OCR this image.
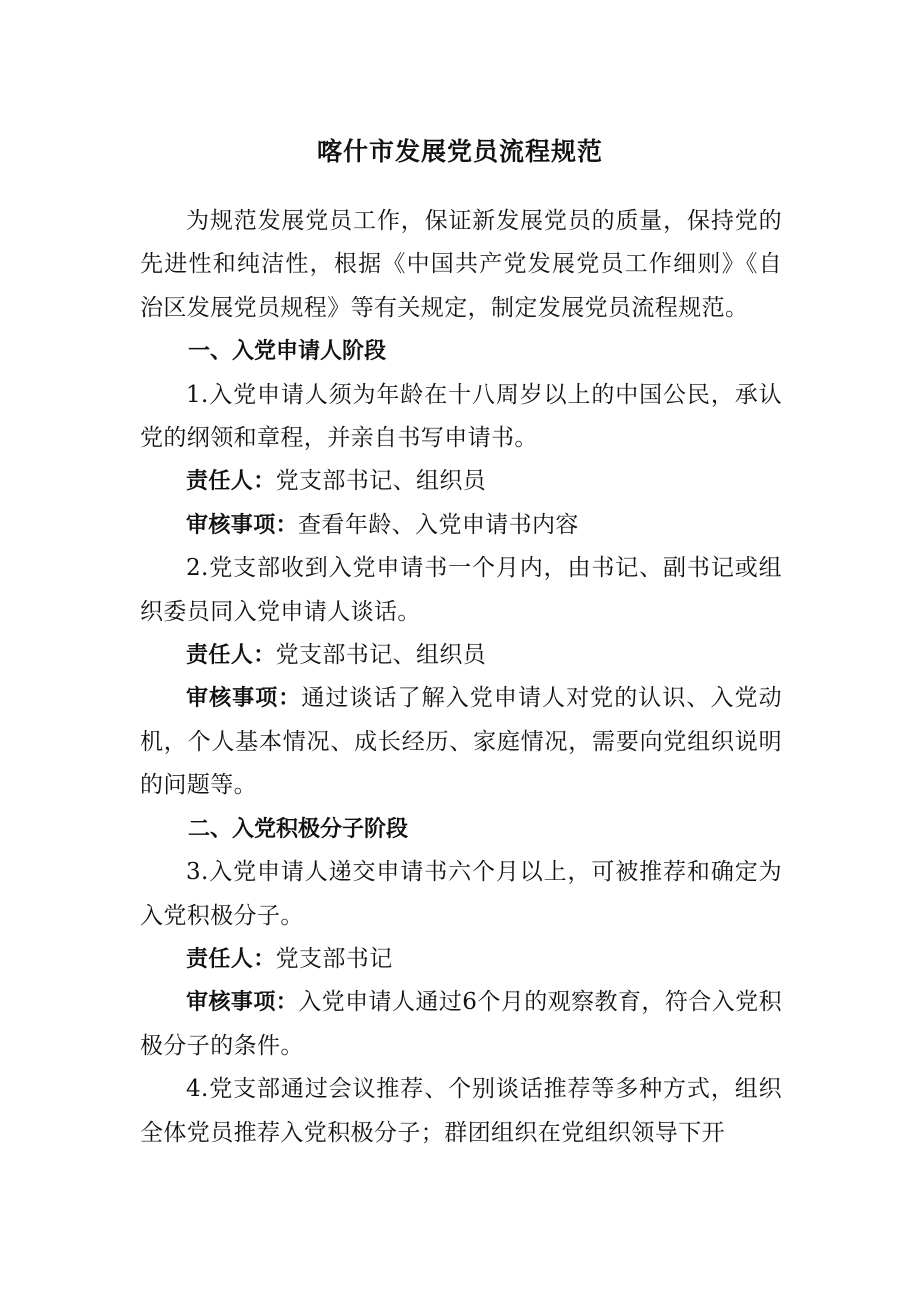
喀什市发展党员流程规范

为规范发展党员工作，保证新发展党员的质量，保持党的先进性和纯洁性，根据《中国共产党发展党员工作细则》《自治区发展党员规程》等有关规定，制定发展党员流程规范。

一、入党申请人阶段

1.入党申请人须为年龄在十八周岁以上的中国公民，承认党的纲领和章程，并亲自书写申请书。

责任人：党支部书记、组织员

审核事项：查看年龄、入党申请书内容

2.党支部收到入党申请书一个月内，由书记、副书记或组织委员同入党申请人谈话。

责任人：党支部书记、组织员

审核事项：通过谈话了解入党申请人对党的认识、入党动机，个人基本情况、成长经历、家庭情况，需要向党组织说明的问题等。

二、入党积极分子阶段

3.入党申请人递交申请书六个月以上，可被推荐和确定为入党积极分子。

责任人：党支部书记

审核事项：入党申请人通过6个月的观察教育，符合入党积极分子的条件。

4.党支部通过会议推荐、个别谈话推荐等多种方式，组织全体党员推荐入党积极分子；群团组织在党组织领导下开
